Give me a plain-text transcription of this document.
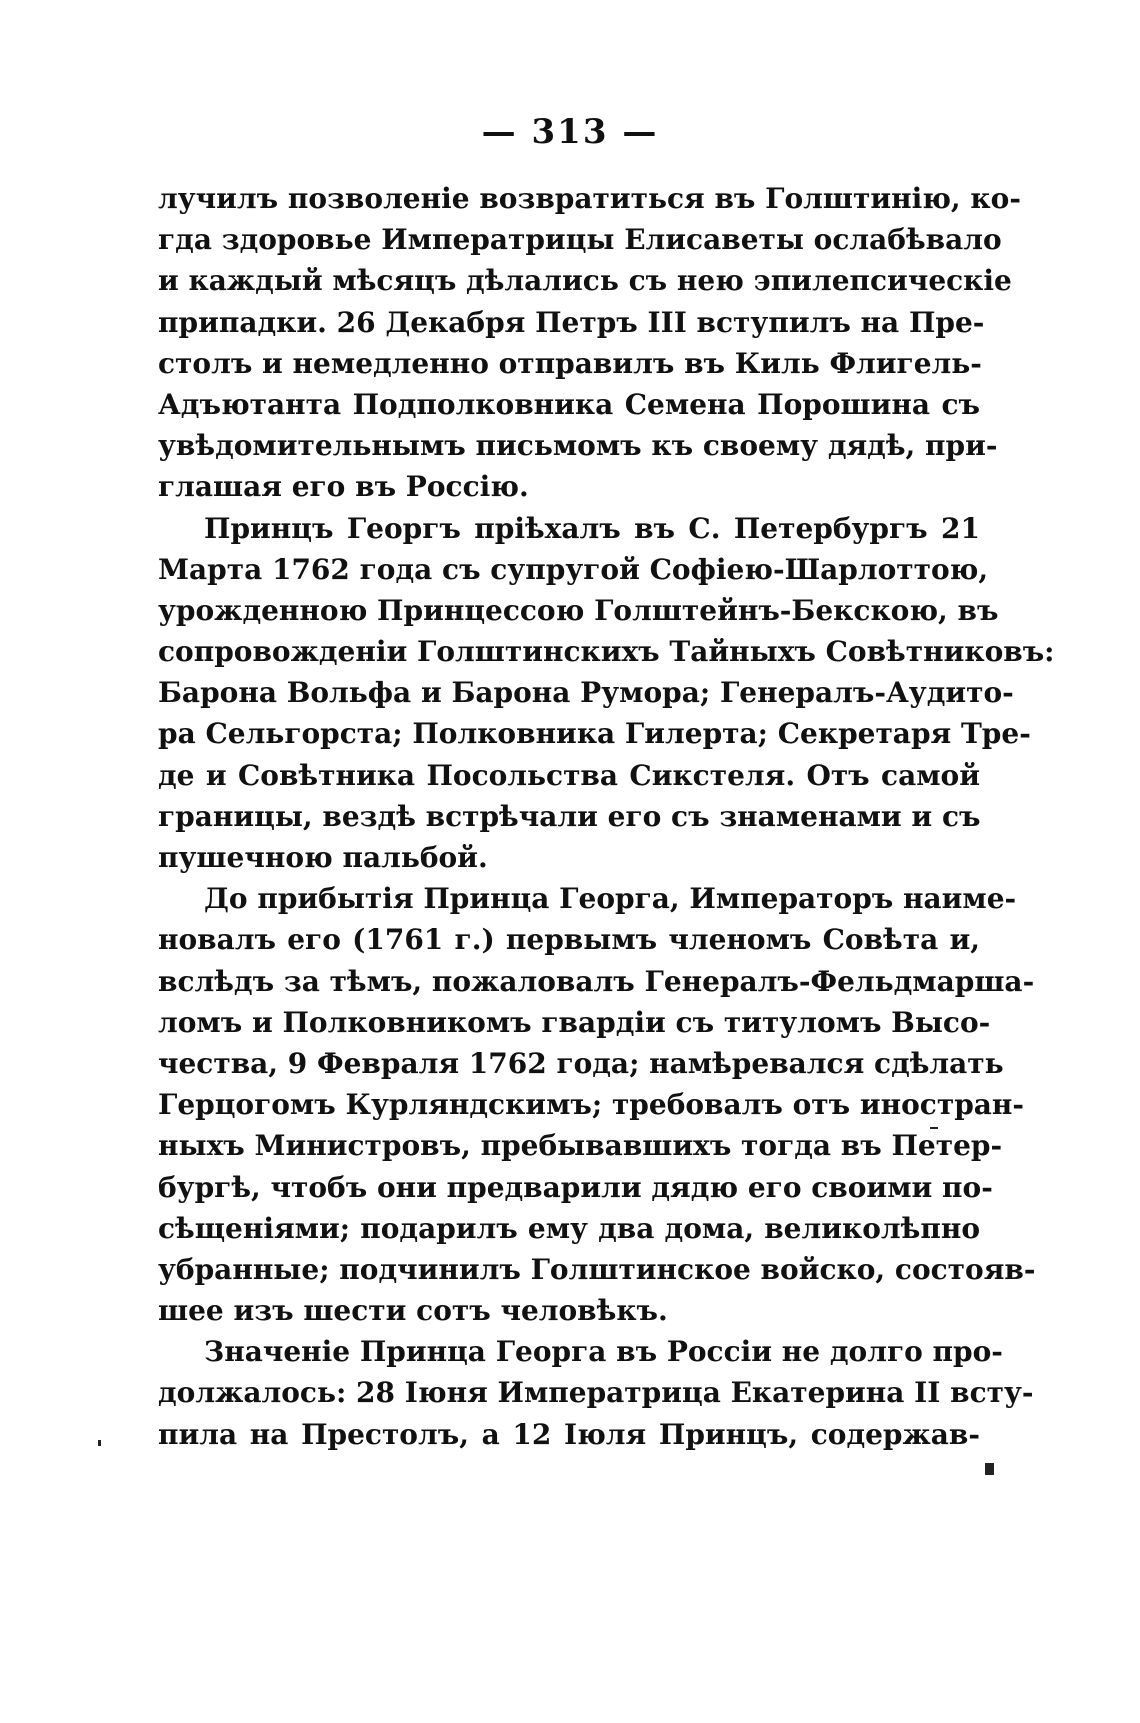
— 313 —
лучилъ позволенie возвратиться въ Голштинiю, ко-
гда здоровье Императрицы Елисаветы ослабѣвало
и каждый мѣсяцъ дѣлались съ нею эпилепсическiе
припадки. 26 Декабря Петръ III вступилъ на Пре-
столъ и немедленно отправилъ въ Киль Флигель-
Адъютанта Подполковника Семена Порошина съ
увѣдомительнымъ письмомъ къ своему дядѣ, при-
глашая его въ Россiю.
Принцъ Георгъ прiѣхалъ въ С. Петербургъ 21
Марта 1762 года съ супругой Софiею-Шарлоттою,
урожденною Принцессою Голштейнъ-Бекскою, въ
сопровожденiи Голштинскихъ Тайныхъ Совѣтниковъ:
Барона Вольфа и Барона Румора; Генералъ-Аудито-
ра Сельгорста; Полковника Гилерта; Секретаря Тре-
де и Совѣтника Посольства Сикстеля. Отъ самой
границы, вездѣ встрѣчали его съ знаменами и съ
пушечною пальбой.
До прибытiя Принца Георга, Императоръ наиме-
новалъ его (1761 г.) первымъ членомъ Совѣта и,
вслѣдъ за тѣмъ, пожаловалъ Генералъ-Фельдмарша-
ломъ и Полковникомъ гвардiи съ титуломъ Высо-
чества, 9 Февраля 1762 года; намѣревался сдѣлать
Герцогомъ Курляндскимъ; требовалъ отъ иностран-
ныхъ Министровъ, пребывавшихъ тогда въ Петер-
бургѣ, чтобъ они предварили дядю его своими по-
сѣщенiями; подарилъ ему два дома, великолѣпно
убранные; подчинилъ Голштинское войско, состояв-
шее изъ шести сотъ человѣкъ.
Значенiе Принца Георга въ Россiи не долго про-
должалось: 28 Iюня Императрица Екатерина II всту-
пила на Престолъ, а 12 Iюля Принцъ, содержав-
